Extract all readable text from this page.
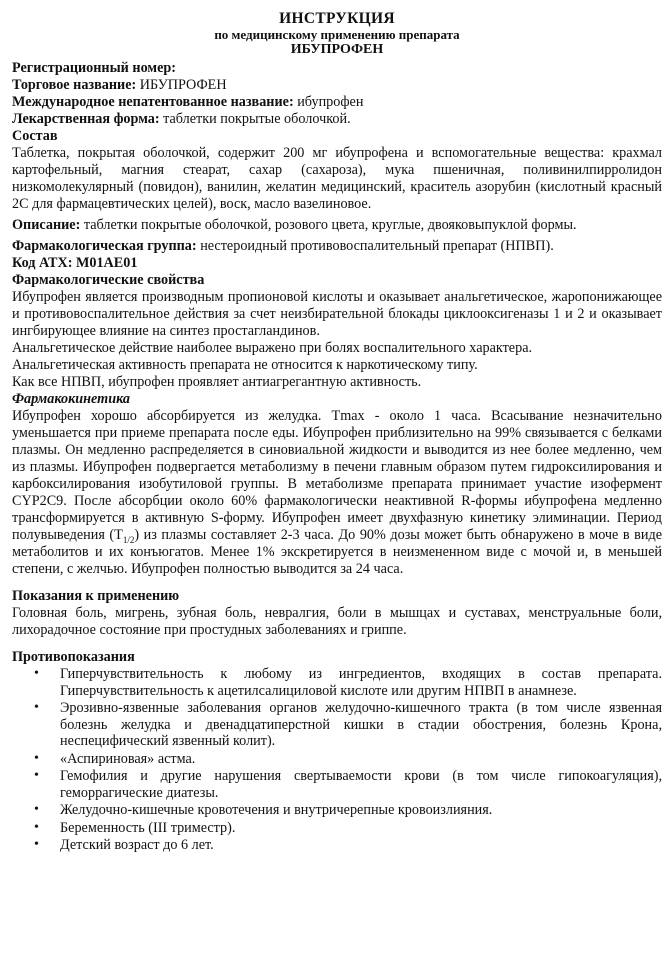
ИНСТРУКЦИЯ
по медицинскому применению препарата
ИБУПРОФЕН
Регистрационный номер:
Торговое название: ИБУПРОФЕН
Международное непатентованное название: ибупрофен
Лекарственная форма: таблетки покрытые оболочкой.
Состав
Таблетка, покрытая оболочкой, содержит 200 мг ибупрофена и вспомогательные вещества: крахмал картофельный, магния стеарат, сахар (сахароза), мука пшеничная, поливинилпирролидон низкомолекулярный (повидон), ванилин, желатин медицинский, краситель азорубин (кислотный красный 2С для фармацевтических целей), воск, масло вазелиновое.
Описание: таблетки покрытые оболочкой, розового цвета, круглые, двояковыпуклой формы.
Фармакологическая группа: нестероидный противовоспалительный препарат (НПВП).
Код АТХ: М01АЕ01
Фармакологические свойства
Ибупрофен является производным пропионовой кислоты и оказывает анальгетическое, жаропонижающее и противовоспалительное действия за счет неизбирательной блокады циклооксигеназы 1 и 2 и оказывает ингбирующее влияние на синтез простагландинов.
Анальгетическое действие наиболее выражено при болях воспалительного характера.
Анальгетическая активность препарата не относится к наркотическому типу.
Как все НПВП, ибупрофен проявляет антиагрегантную активность.
Фармакокинетика
Ибупрофен хорошо абсорбируется из желудка. Tmax - около 1 часа. Всасывание незначительно уменьшается при приеме препарата после еды. Ибупрофен приблизительно на 99% связывается с белками плазмы. Он медленно распределяется в синовиальной жидкости и выводится из нее более медленно, чем из плазмы. Ибупрофен подвергается метаболизму в печени главным образом путем гидроксилирования и карбоксилирования изобутиловой группы. В метаболизме препарата принимает участие изофермент CYP2C9. После абсорбции около 60% фармакологически неактивной R-формы ибупрофена медленно трансформируется в активную S-форму. Ибупрофен имеет двухфазную кинетику элиминации. Период полувыведения $(T_{1/2})$ из плазмы составляет 2-3 часа. До 90% дозы может быть обнаружено в моче в виде метаболитов и их конъюгатов. Менее 1% экскретируется в неизмененном виде с мочой и, в меньшей степени, с желчью. Ибупрофен полностью выводится за 24 часа.
Показания к применению
Головная боль, мигрень, зубная боль, невралгия, боли в мышцах и суставах, менструальные боли, лихорадочное состояние при простудных заболеваниях и гриппе.
Противопоказания
• Гиперчувствительность к любому из ингредиентов, входящих в состав препарата. Гиперчувствительность к ацетилсалициловой кислоте или другим НПВП в анамнезе.
• Эрозивно-язвенные заболевания органов желудочно-кишечного тракта (в том числе язвенная болезнь желудка и двенадцатиперстной кишки в стадии обострения, болезнь Крона, неспецифический язвенный колит).
• «Аспириновая» астма.
• Гемофилия и другие нарушения свертываемости крови (в том числе гипокоагуляция), геморрагические диатезы.
• Желудочно-кишечные кровотечения и внутричерепные кровоизлияния.
• Беременность (III триместр).
• Детский возраст до 6 лет.
